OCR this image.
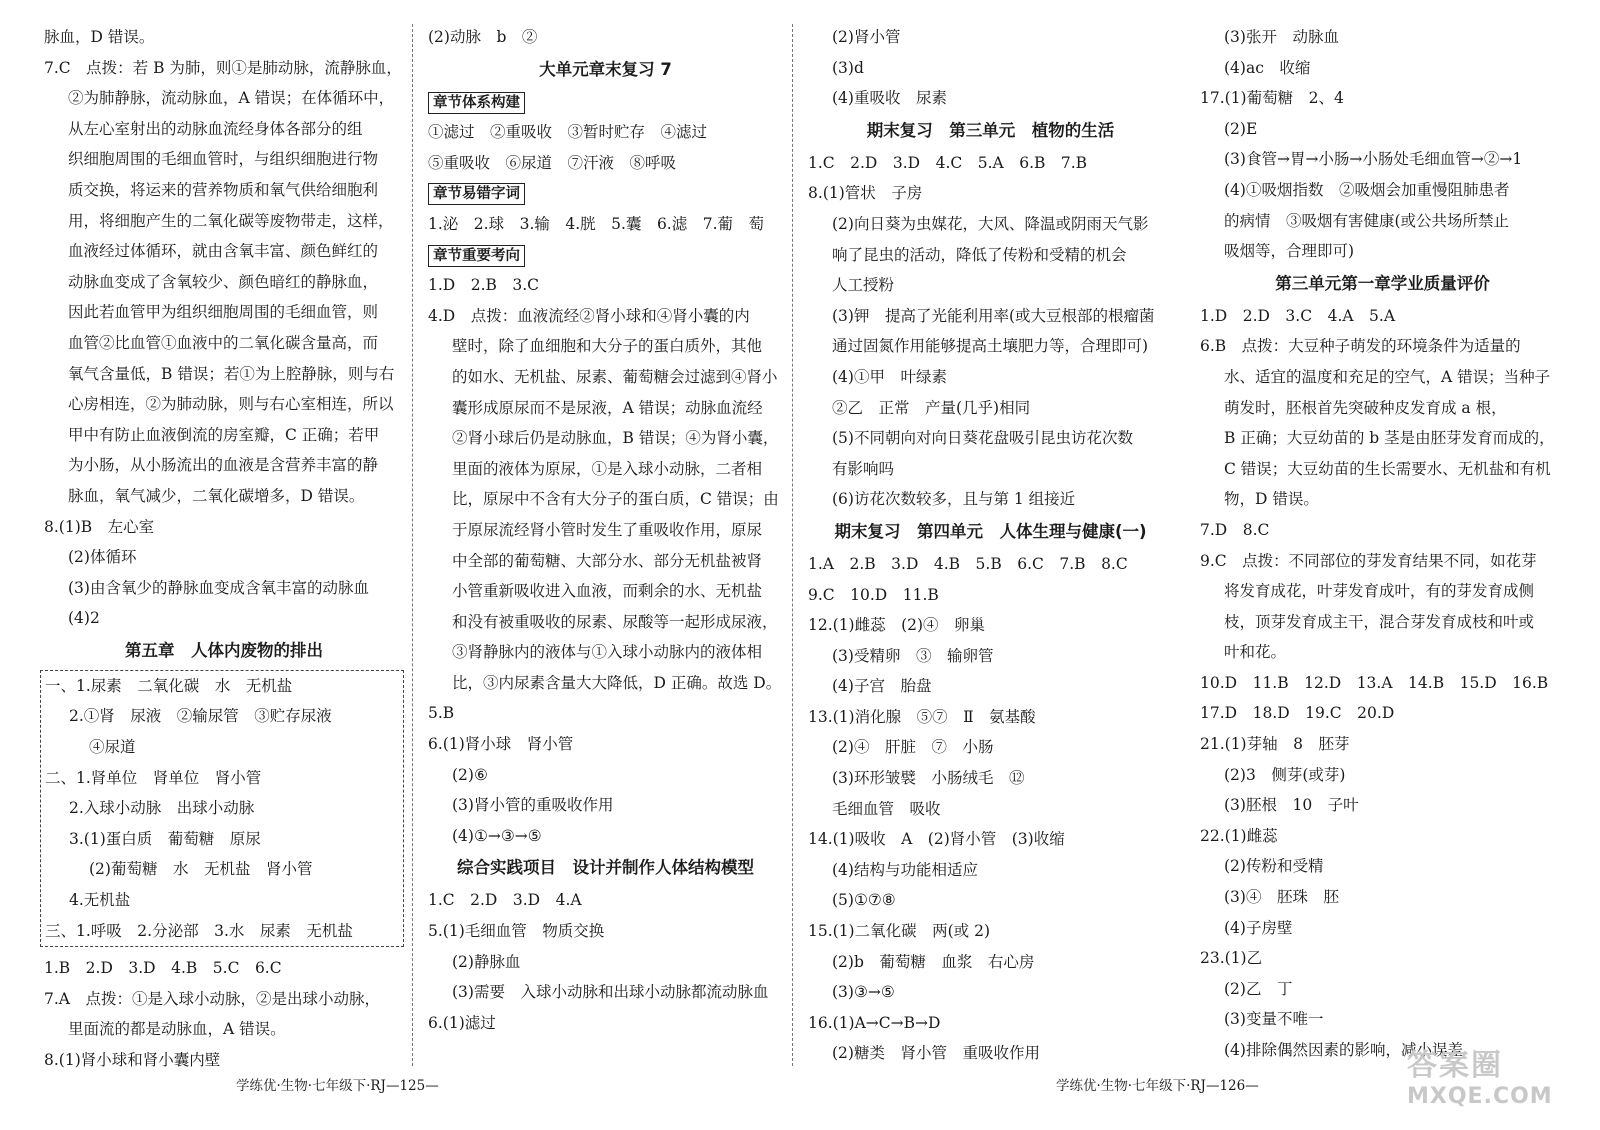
脉血，D 错误。

7.C　点拨：若 B 为肺，则①是肺动脉，流静脉血，

②为肺静脉，流动脉血，A 错误；在体循环中，

从左心室射出的动脉血流经身体各部分的组

织细胞周围的毛细血管时，与组织细胞进行物

质交换，将运来的营养物质和氧气供给细胞利

用，将细胞产生的二氧化碳等废物带走，这样，

血液经过体循环，就由含氧丰富、颜色鲜红的

动脉血变成了含氧较少、颜色暗红的静脉血，

因此若血管甲为组织细胞周围的毛细血管，则

血管②比血管①血液中的二氧化碳含量高，而

氧气含量低，B 错误；若①为上腔静脉，则与右

心房相连，②为肺动脉，则与右心室相连，所以

甲中有防止血液倒流的房室瓣，C 正确；若甲

为小肠，从小肠流出的血液是含营养丰富的静

脉血，氧气减少，二氧化碳增多，D 错误。

8.(1)B　左心室

(2)体循环

(3)由含氧少的静脉血变成含氧丰富的动脉血

(4)2

第五章　人体内废物的排出

一、1.尿素　二氧化碳　水　无机盐

2.①肾　尿液　②输尿管　③贮存尿液

④尿道

二、1.肾单位　肾单位　肾小管

2.入球小动脉　出球小动脉

3.(1)蛋白质　葡萄糖　原尿

(2)葡萄糖　水　无机盐　肾小管

4.无机盐

三、1.呼吸　2.分泌部　3.水　尿素　无机盐

1.B　2.D　3.D　4.B　5.C　6.C

7.A　点拨：①是入球小动脉，②是出球小动脉，

里面流的都是动脉血，A 错误。

8.(1)肾小球和肾小囊内壁

(2)动脉　b　②

大单元章末复习 7

章节体系构建

①滤过　②重吸收　③暂时贮存　④滤过

⑤重吸收　⑥尿道　⑦汗液　⑧呼吸

章节易错字词

1.泌　2.球　3.输　4.胱　5.囊　6.滤　7.葡　萄

章节重要考向

1.D　2.B　3.C

4.D　点拨：血液流经②肾小球和④肾小囊的内

壁时，除了血细胞和大分子的蛋白质外，其他

的如水、无机盐、尿素、葡萄糖会过滤到④肾小

囊形成原尿而不是尿液，A 错误；动脉血流经

②肾小球后仍是动脉血，B 错误；④为肾小囊，

里面的液体为原尿，①是入球小动脉，二者相

比，原尿中不含有大分子的蛋白质，C 错误；由

于原尿流经肾小管时发生了重吸收作用，原尿

中全部的葡萄糖、大部分水、部分无机盐被肾

小管重新吸收进入血液，而剩余的水、无机盐

和没有被重吸收的尿素、尿酸等一起形成尿液，

③肾静脉内的液体与①入球小动脉内的液体相

比，③内尿素含量大大降低，D 正确。故选 D。

5.B

6.(1)肾小球　肾小管

(2)⑥

(3)肾小管的重吸收作用

(4)①→③→⑤

综合实践项目　设计并制作人体结构模型

1.C　2.D　3.D　4.A

5.(1)毛细血管　物质交换

(2)静脉血

(3)需要　入球小动脉和出球小动脉都流动脉血

6.(1)滤过

(2)肾小管

(3)d

(4)重吸收　尿素

期末复习　第三单元　植物的生活

1.C　2.D　3.D　4.C　5.A　6.B　7.B

8.(1)管状　子房

(2)向日葵为虫媒花，大风、降温或阴雨天气影

响了昆虫的活动，降低了传粉和受精的机会

人工授粉

(3)钾　提高了光能利用率(或大豆根部的根瘤菌

通过固氮作用能够提高土壤肥力等，合理即可)

(4)①甲　叶绿素

②乙　正常　产量(几乎)相同

(5)不同朝向对向日葵花盘吸引昆虫访花次数

有影响吗

(6)访花次数较多，且与第 1 组接近

期末复习　第四单元　人体生理与健康(一)

1.A　2.B　3.D　4.B　5.B　6.C　7.B　8.C

9.C　10.D　11.B

12.(1)雌蕊　(2)④　卵巢

(3)受精卵　③　输卵管

(4)子宫　胎盘

13.(1)消化腺　⑤⑦　Ⅱ　氨基酸

(2)④　肝脏　⑦　小肠

(3)环形皱襞　小肠绒毛　⑫

毛细血管　吸收

14.(1)吸收　A　(2)肾小管　(3)收缩

(4)结构与功能相适应

(5)①⑦⑧

15.(1)二氧化碳　两(或 2)

(2)b　葡萄糖　血浆　右心房

(3)③→⑤

16.(1)A→C→B→D

(2)糖类　肾小管　重吸收作用

(3)张开　动脉血

(4)ac　收缩

17.(1)葡萄糖　2、4

(2)E

(3)食管→胃→小肠→小肠处毛细血管→②→1

(4)①吸烟指数　②吸烟会加重慢阻肺患者

的病情　③吸烟有害健康(或公共场所禁止

吸烟等，合理即可)

第三单元第一章学业质量评价

1.D　2.D　3.C　4.A　5.A

6.B　点拨：大豆种子萌发的环境条件为适量的

水、适宜的温度和充足的空气，A 错误；当种子

萌发时，胚根首先突破种皮发育成 a 根，

B 正确；大豆幼苗的 b 茎是由胚芽发育而成的，

C 错误；大豆幼苗的生长需要水、无机盐和有机

物，D 错误。

7.D　8.C

9.C　点拨：不同部位的芽发育结果不同，如花芽

将发育成花，叶芽发育成叶，有的芽发育成侧

枝，顶芽发育成主干，混合芽发育成枝和叶或

叶和花。

10.D　11.B　12.D　13.A　14.B　15.D　16.B

17.D　18.D　19.C　20.D

21.(1)芽轴　8　胚芽

(2)3　侧芽(或芽)

(3)胚根　10　子叶

22.(1)雌蕊

(2)传粉和受精

(3)④　胚珠　胚

(4)子房壁

23.(1)乙

(2)乙　丁

(3)变量不唯一

(4)排除偶然因素的影响，减小误差

学练优·生物·七年级下·RJ—125—	学练优·生物·七年级下·RJ—126—
答案圈
MXQE.COM
